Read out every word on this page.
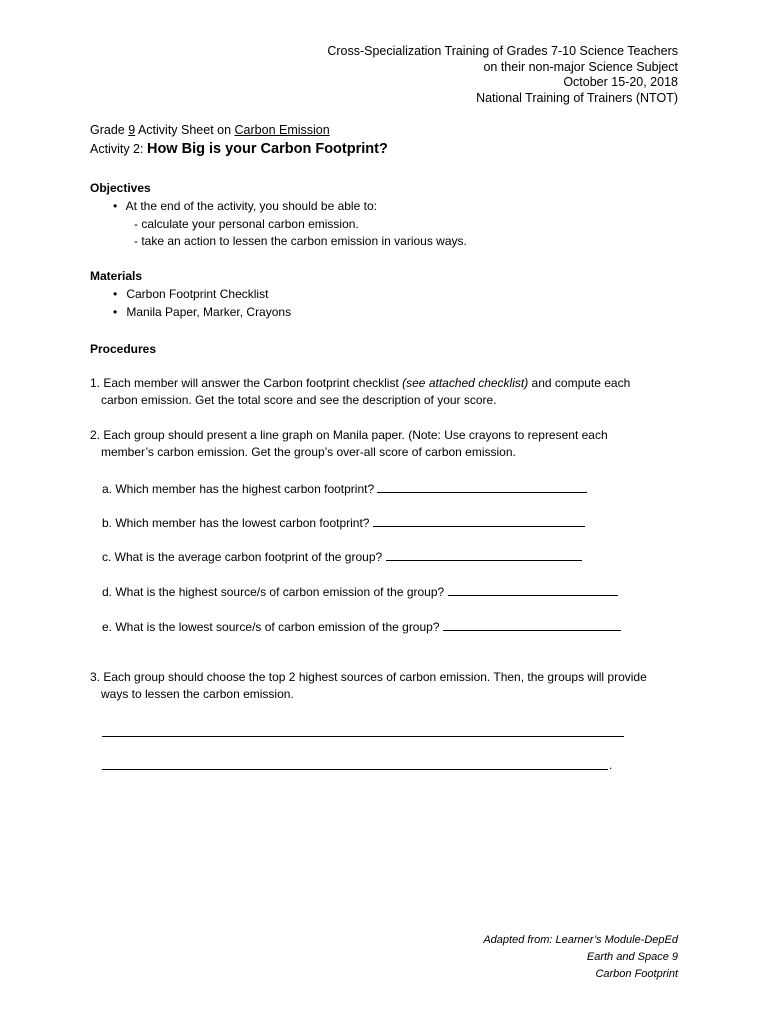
Cross-Specialization Training of Grades 7-10 Science Teachers
on their non-major Science Subject
October 15-20, 2018
National Training of Trainers (NTOT)
Grade 9 Activity Sheet on Carbon Emission
Activity 2: How Big is your Carbon Footprint?
Objectives
• At the end of the activity, you should be able to:
- calculate your personal carbon emission.
- take an action to lessen the carbon emission in various ways.
Materials
• Carbon Footprint Checklist
• Manila Paper, Marker, Crayons
Procedures
1. Each member will answer the Carbon footprint checklist (see attached checklist) and compute each
carbon emission. Get the total score and see the description of your score.
2. Each group should present a line graph on Manila paper. (Note: Use crayons to represent each
member’s carbon emission. Get the group’s over-all score of carbon emission.
a. Which member has the highest carbon footprint?
b. Which member has the lowest carbon footprint?
c. What is the average carbon footprint of the group?
d. What is the highest source/s of carbon emission of the group?
e. What is the lowest source/s of carbon emission of the group?
3. Each group should choose the top 2 highest sources of carbon emission. Then, the groups will provide
ways to lessen the carbon emission.
.
Adapted from: Learner’s Module-DepEd
Earth and Space 9
Carbon Footprint
